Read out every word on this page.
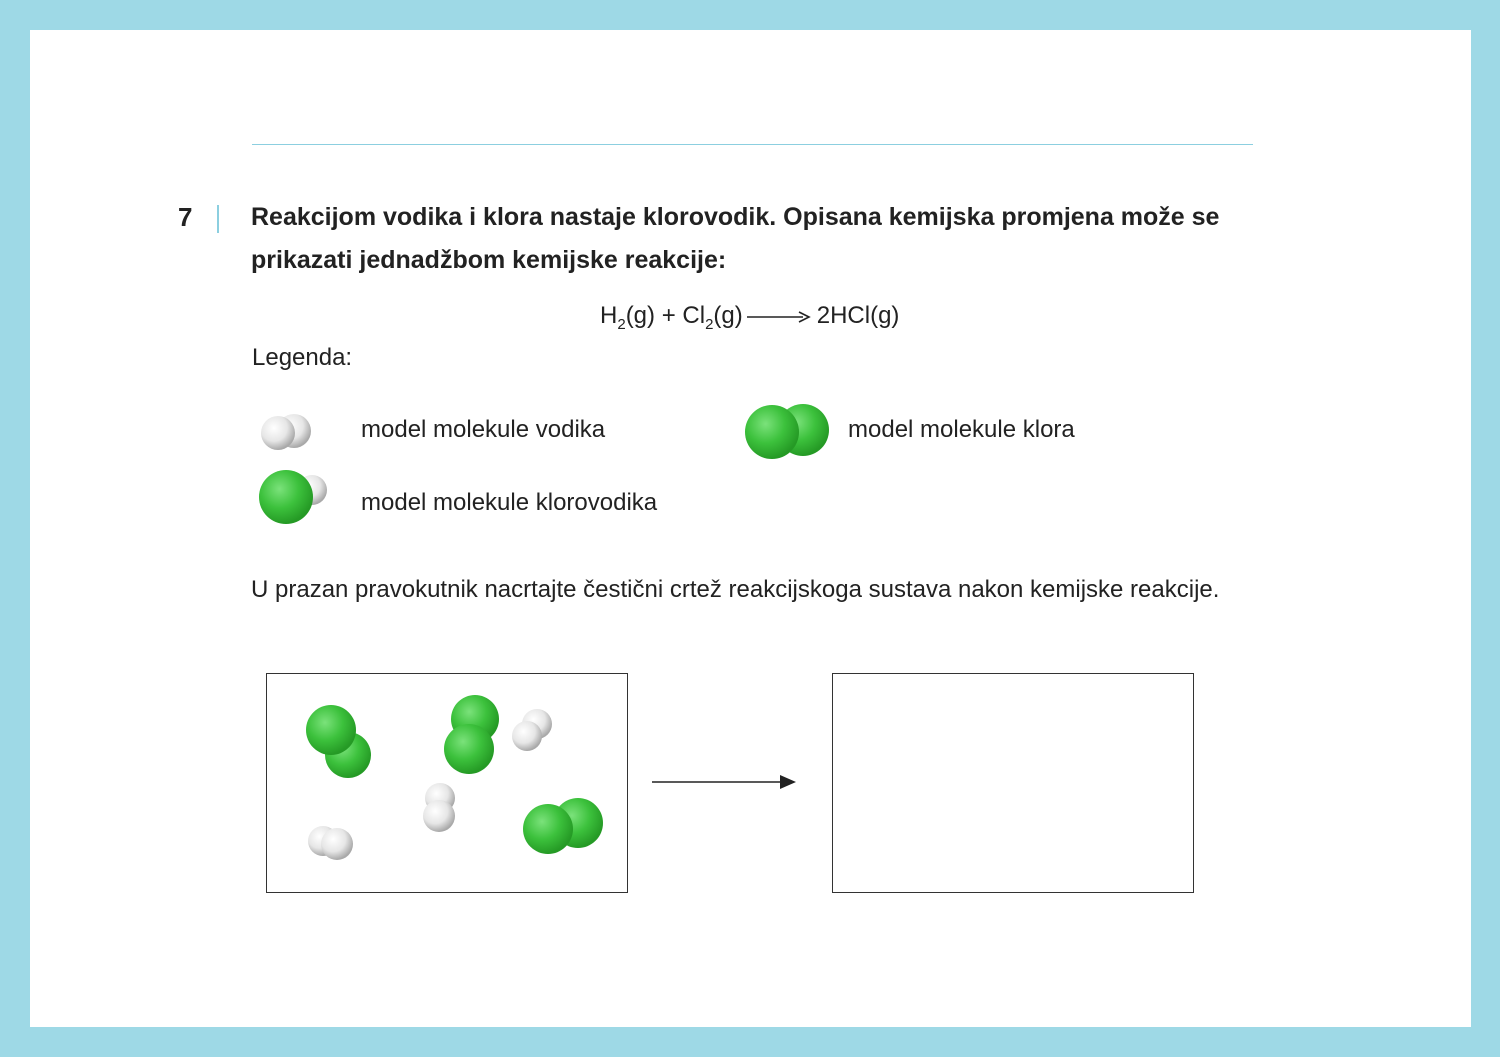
7 Reakcijom vodika i klora nastaje klorovodik. Opisana kemijska promjena može se prikazati jednadžbom kemijske reakcije:
$H_2(g) + Cl_2(g)$	2HCl(g)
Legenda:
model molekule vodika	model molekule klora
model molekule klorovodika
U prazan pravokutnik nacrtajte čestični crtež reakcijskoga sustava nakon kemijske reakcije.
